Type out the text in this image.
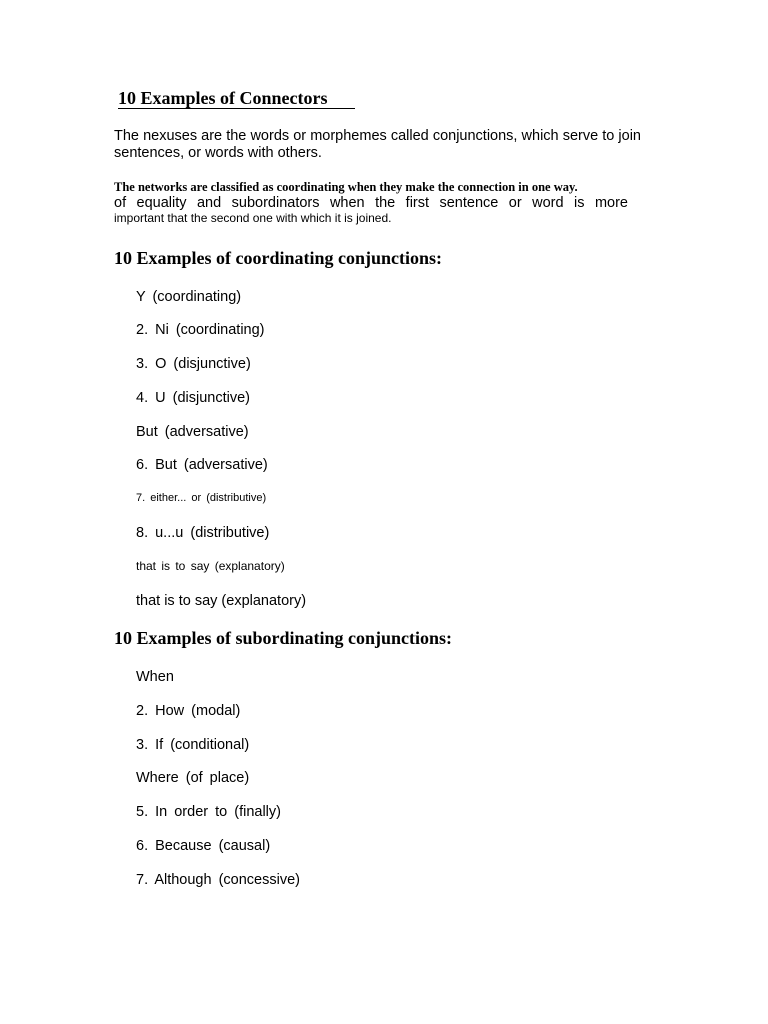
10 Examples of Connectors
The nexuses are the words or morphemes called conjunctions, which serve to join sentences, or words with others.
The networks are classified as coordinating when they make the connection in one way.
of equality and subordinators when the first sentence or word is more
important that the second one with which it is joined.
10 Examples of coordinating conjunctions:
Y (coordinating)
2. Ni (coordinating)
3. O (disjunctive)
4. U (disjunctive)
But (adversative)
6. But (adversative)
7. either... or (distributive)
8. u...u (distributive)
that is to say (explanatory)
that is to say (explanatory)
10 Examples of subordinating conjunctions:
When
2. How (modal)
3. If (conditional)
Where (of place)
5. In order to (finally)
6. Because (causal)
7. Although (concessive)
